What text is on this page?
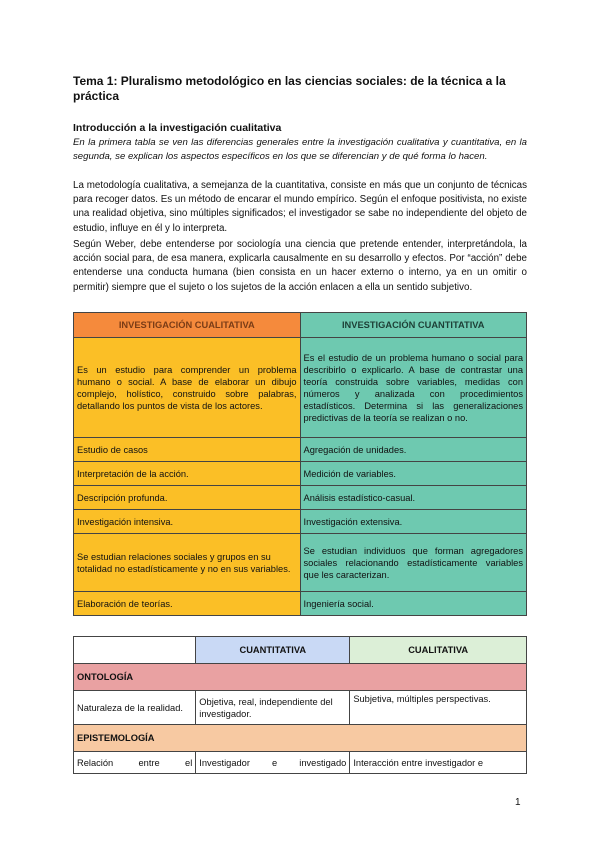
Tema 1: Pluralismo metodológico en las ciencias sociales: de la técnica a la práctica
Introducción a la investigación cualitativa
En la primera tabla se ven las diferencias generales entre la investigación cualitativa y cuantitativa, en la segunda, se explican los aspectos específicos en los que se diferencian y de qué forma lo hacen.
La metodología cualitativa, a semejanza de la cuantitativa, consiste en más que un conjunto de técnicas para recoger datos. Es un método de encarar el mundo empírico. Según el enfoque positivista, no existe una realidad objetiva, sino múltiples significados; el investigador se sabe no independiente del objeto de estudio, influye en él y lo interpreta.
Según Weber, debe entenderse por sociología una ciencia que pretende entender, interpretándola, la acción social para, de esa manera, explicarla causalmente en su desarrollo y efectos. Por “acción” debe entenderse una conducta humana (bien consista en un hacer externo o interno, ya en un omitir o permitir) siempre que el sujeto o los sujetos de la acción enlacen a ella un sentido subjetivo.
INVESTIGACIÓN CUALITATIVA	INVESTIGACIÓN CUANTITATIVA
Es un estudio para comprender un problema humano o social. A base de elaborar un dibujo complejo, holístico, construido sobre palabras, detallando los puntos de vista de los actores.	Es el estudio de un problema humano o social para describirlo o explicarlo. A base de contrastar una teoría construida sobre variables, medidas con números y analizada con procedimientos estadísticos. Determina si las generalizaciones predictivas de la teoría se realizan o no.
Estudio de casos	Agregación de unidades.
Interpretación de la acción.	Medición de variables.
Descripción profunda.	Análisis estadístico-casual.
Investigación intensiva.	Investigación extensiva.
Se estudian relaciones sociales y grupos en su totalidad no estadísticamente y no en sus variables.	Se estudian individuos que forman agregadores sociales relacionando estadísticamente variables que les caracterizan.
Elaboración de teorías.	Ingeniería social.
	CUANTITATIVA	CUALITATIVA
ONTOLOGÍA		
Naturaleza de la realidad.	Objetiva, real, independiente del investigador.	Subjetiva, múltiples perspectivas.
EPISTEMOLOGÍA		
Relación entre el	Investigador e investigado	Interacción entre investigador e
1
